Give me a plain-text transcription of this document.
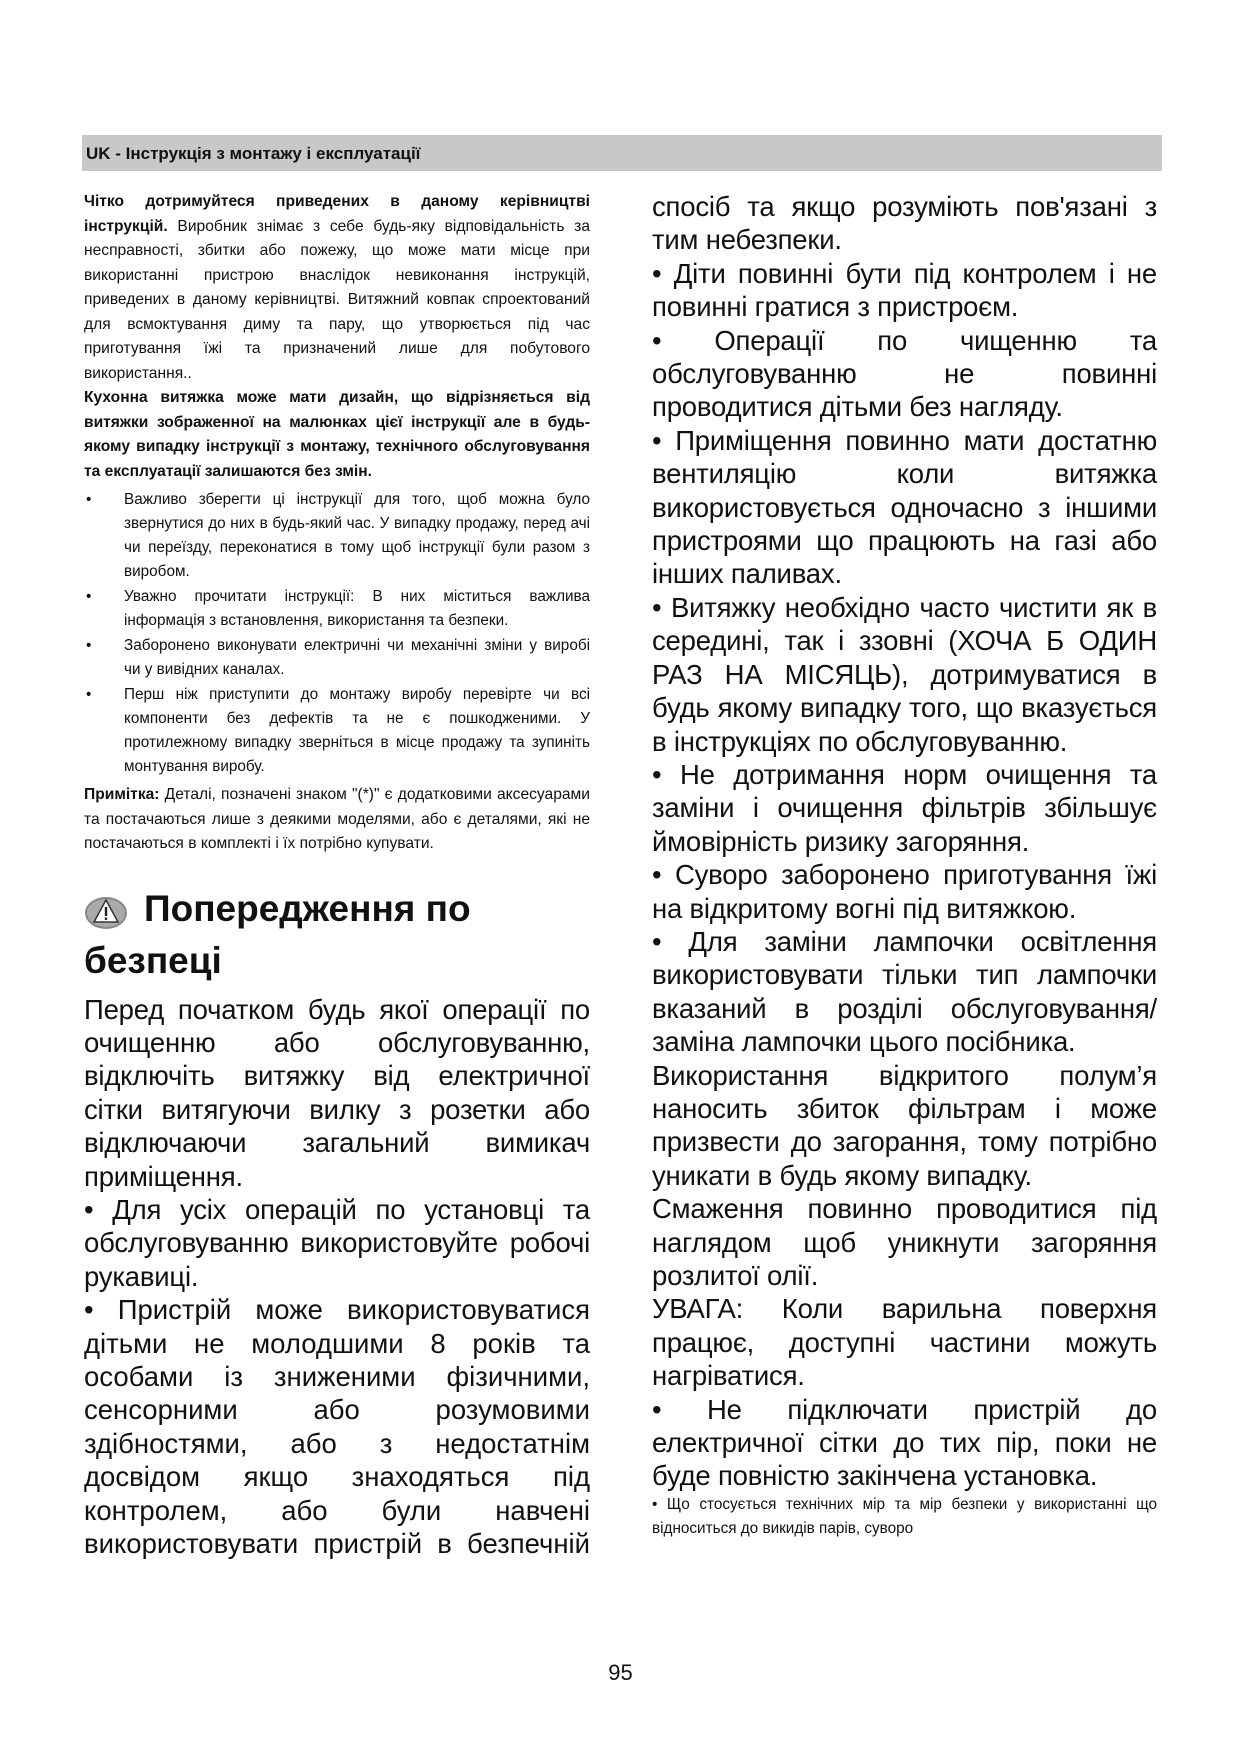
UK - Інструкція з монтажу і експлуатації

Чітко дотримуйтеся приведених в даному керівництві інструкцій. Виробник знімає з себе будь-яку відповідальність за несправності, збитки або пожежу, що може мати місце при використанні пристрою внаслідок невиконання інструкцій, приведених в даному керівництві. Витяжний ковпак спроектований для всмоктування диму та пару, що утворюється під час приготування їжі та призначений лише для побутового використання..

Кухонна витяжка може мати дизайн, що відрізняється від витяжки зображенної на малюнках цієї інструкції але в будь-якому випадку інструкції з монтажу, технічного обслуговування та експлуатації залишаются без змін.

• Важливо зберегти ці інструкції для того, щоб можна було звернутися до них в будь-який час. У випадку продажу, перед ачі чи переїзду, переконатися в тому щоб інструкції були разом з виробом.
• Уважно прочитати інструкції: В них міститься важлива інформація з встановлення, використання та безпеки.
• Заборонено виконувати електричні чи механічні зміни у виробі чи у вивідних каналах.
• Перш ніж приступити до монтажу виробу перевірте чи всі компоненти без дефектів та не є пошкодженими. У протилежному випадку зверніться в місце продажу та зупиніть монтування виробу.

Примітка: Деталі, позначені знаком "(*)" є додатковими аксесуарами та постачаються лише з деякими моделями, або є деталями, які не постачаються в комплекті і їх потрібно купувати.

Попередження по
безпеці

Перед початком будь якої операції по очищенню або обслуговуванню, відключіть витяжку від електричної сітки витягуючи вилку з розетки або відключаючи загальний вимикач приміщення.

• Для усіх операцій по установці та обслуговуванню використовуйте робочі рукавиці.

• Пристрій може використовуватися дітьми не молодшими 8 років та особами із зниженими фізичними, сенсорними або розумовими здібностями, або з недостатнім досвідом якщо знаходяться під контролем, або були навчені використовувати пристрій в безпечній

спосіб та якщо розуміють пов'язані з тим небезпеки.

• Діти повинні бути під контролем і не повинні гратися з пристроєм.

• Операції по чищенню та обслуговуванню не повинні проводитися дітьми без нагляду.

• Приміщення повинно мати достатню вентиляцію коли витяжка використовується одночасно з іншими пристроями що працюють на газі або інших паливах.

• Витяжку необхідно часто чистити як в середині, так і ззовні (ХОЧА Б ОДИН РАЗ НА МІСЯЦЬ), дотримуватися в будь якому випадку того, що вказується в інструкціях по обслуговуванню.

• Не дотримання норм очищення та заміни і очищення фільтрів збільшує ймовірність ризику загоряння.

• Суворо заборонено приготування їжі на відкритому вогні під витяжкою.

• Для заміни лампочки освітлення використовувати тільки тип лампочки вказаний в розділі обслуговування/заміна лампочки цього посібника.

Використання відкритого полум’я наносить збиток фільтрам і може призвести до загорання, тому потрібно уникати в будь якому випадку.

Смаження повинно проводитися під наглядом щоб уникнути загоряння розлитої олії.

УВАГА: Коли варильна поверхня працює, доступні частини можуть нагріватися.

• Не підключати пристрій до електричної сітки до тих пір, поки не буде повністю закінчена установка.

• Що стосується технічних мір та мір безпеки у використанні що відноситься до викидів парів, суворо

95
